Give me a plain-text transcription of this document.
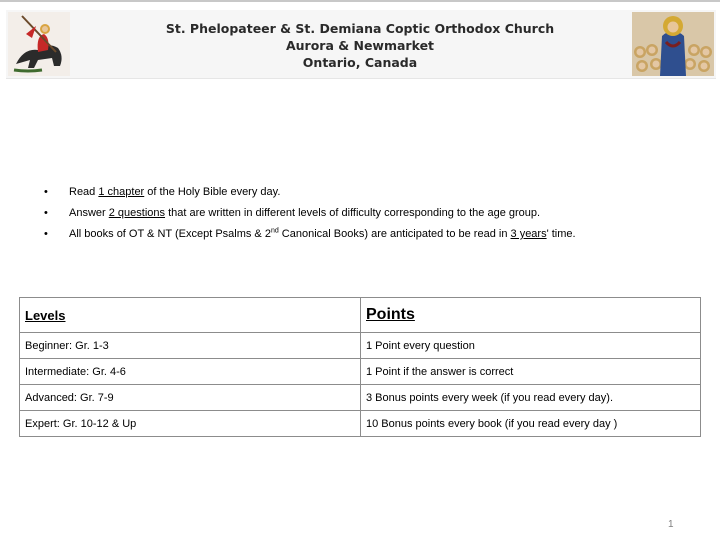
St. Phelopateer & St. Demiana Coptic Orthodox Church
Aurora & Newmarket
Ontario, Canada
• Read 1 chapter of the Holy Bible every day.
• Answer 2 questions that are written in different levels of difficulty corresponding to the age group.
• All books of OT & NT (Except Psalms & 2nd Canonical Books) are anticipated to be read in 3 years' time.
Levels	Points
Beginner: Gr. 1-3	1 Point every question
Intermediate: Gr. 4-6	1 Point if the answer is correct
Advanced: Gr. 7-9	3 Bonus points every week (if you read every day).
Expert: Gr. 10-12 & Up	10 Bonus points every book (if you read every day )
1
